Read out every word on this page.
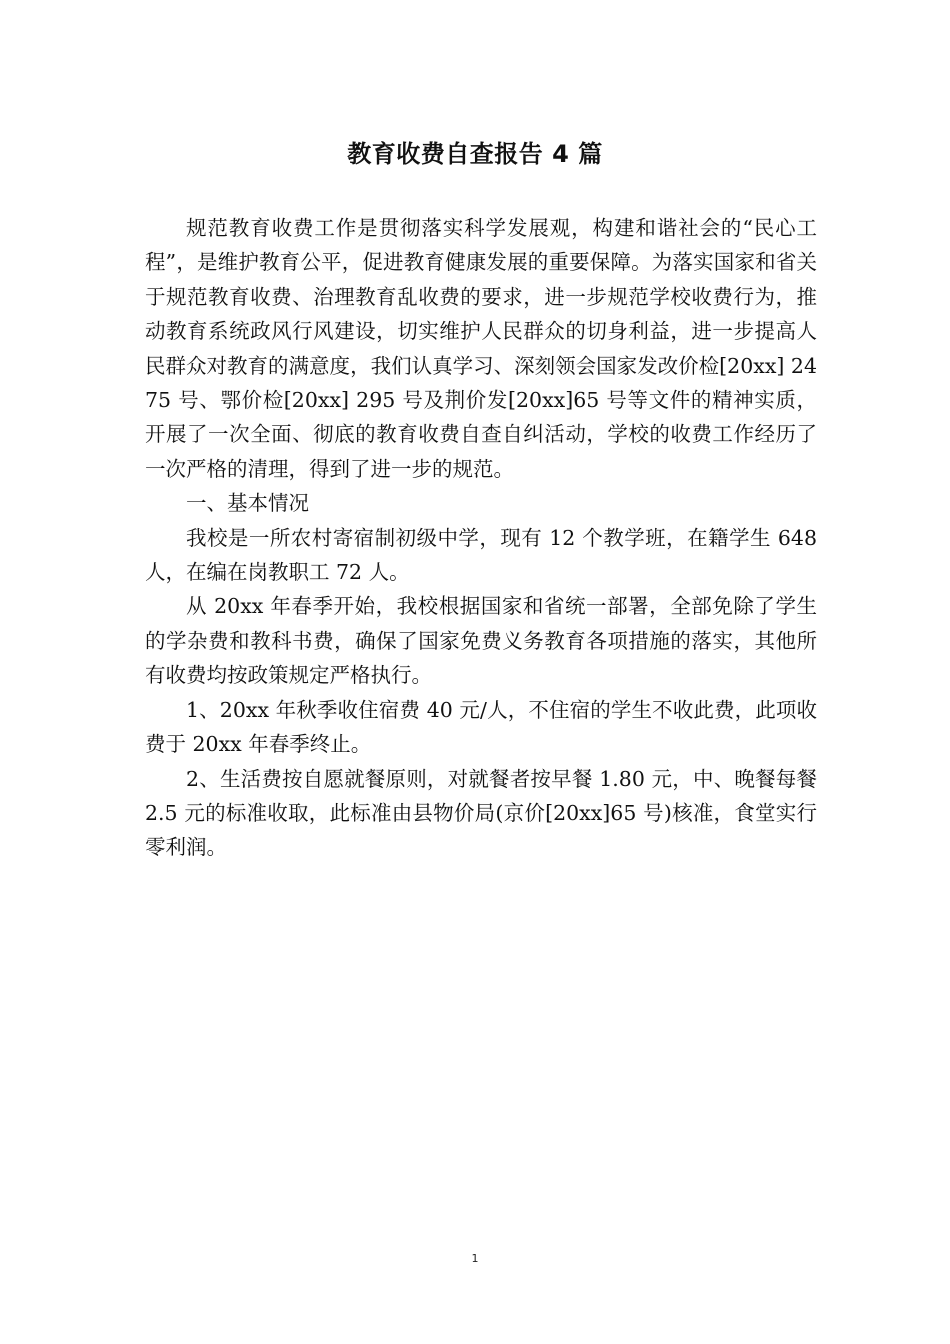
教育收费自查报告 4 篇

规范教育收费工作是贯彻落实科学发展观，构建和谐社会的“民心工程”，是维护教育公平，促进教育健康发展的重要保障。为落实国家和省关于规范教育收费、治理教育乱收费的要求，进一步规范学校收费行为，推动教育系统政风行风建设，切实维护人民群众的切身利益，进一步提高人民群众对教育的满意度，我们认真学习、深刻领会国家发改价检[20xx] 2475 号、鄂价检[20xx] 295 号及荆价发[20xx]65 号等文件的精神实质，开展了一次全面、彻底的教育收费自查自纠活动，学校的收费工作经历了一次严格的清理，得到了进一步的规范。

一、基本情况

我校是一所农村寄宿制初级中学，现有 12 个教学班，在籍学生 648 人，在编在岗教职工 72 人。

从 20xx 年春季开始，我校根据国家和省统一部署，全部免除了学生的学杂费和教科书费，确保了国家免费义务教育各项措施的落实，其他所有收费均按政策规定严格执行。

1、20xx 年秋季收住宿费 40 元/人，不住宿的学生不收此费，此项收费于 20xx 年春季终止。

2、生活费按自愿就餐原则，对就餐者按早餐 1.80 元，中、晚餐每餐 2.5 元的标准收取，此标准由县物价局(京价[20xx]65 号)核准，食堂实行零利润。

1
